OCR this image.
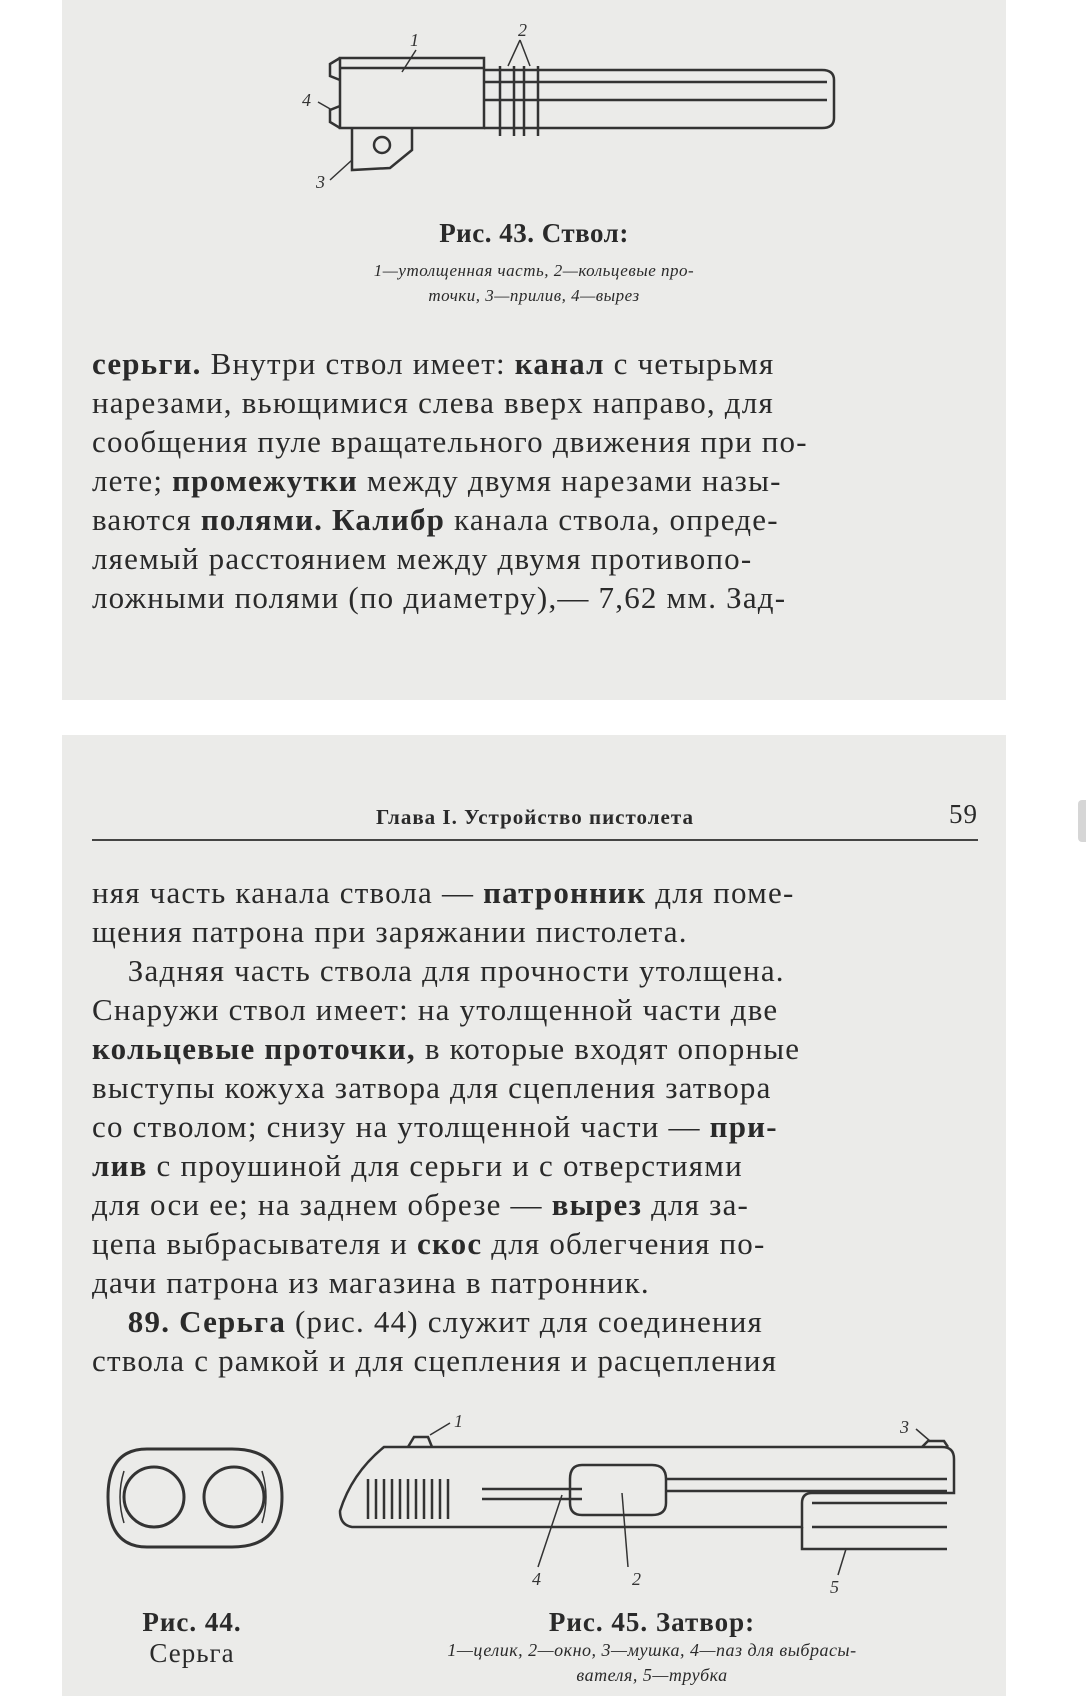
1	2
3
4
Рис. 43. Ствол:
1—утолщенная часть, 2—кольцевые про-
точки, 3—прилив, 4—вырез
серьги. Внутри ствол имеет: канал с четырьмя
нарезами, вьющимися слева вверх направо, для
сообщения пуле вращательного движения при по-
лете; промежутки между двумя нарезами назы-
ваются полями. Калибр канала ствола, опреде-
ляемый расстоянием между двумя противопо-
ложными полями (по диаметру),— 7,62 мм. Зад-
Глава I. Устройство пистолета	59
няя часть канала ствола — патронник для поме-
щения патрона при заряжании пистолета.
Задняя часть ствола для прочности утолщена.
Снаружи ствол имеет: на утолщенной части две
кольцевые проточки, в которые входят опорные
выступы кожуха затвора для сцепления затвора
со стволом; снизу на утолщенной части — при-
лив с проушиной для серьги и с отверстиями
для оси ее; на заднем обрезе — вырез для за-
цепа выбрасывателя и скос для облегчения по-
дачи патрона из магазина в патронник.
89. Серьга (рис. 44) служит для соединения
ствола с рамкой и для сцепления и расцепления
Рис. 44.
Серьга
1
2
3
4	5
Рис. 45. Затвор:
1—целик, 2—окно, 3—мушка, 4—паз для выбрасы-
вателя, 5—трубка
